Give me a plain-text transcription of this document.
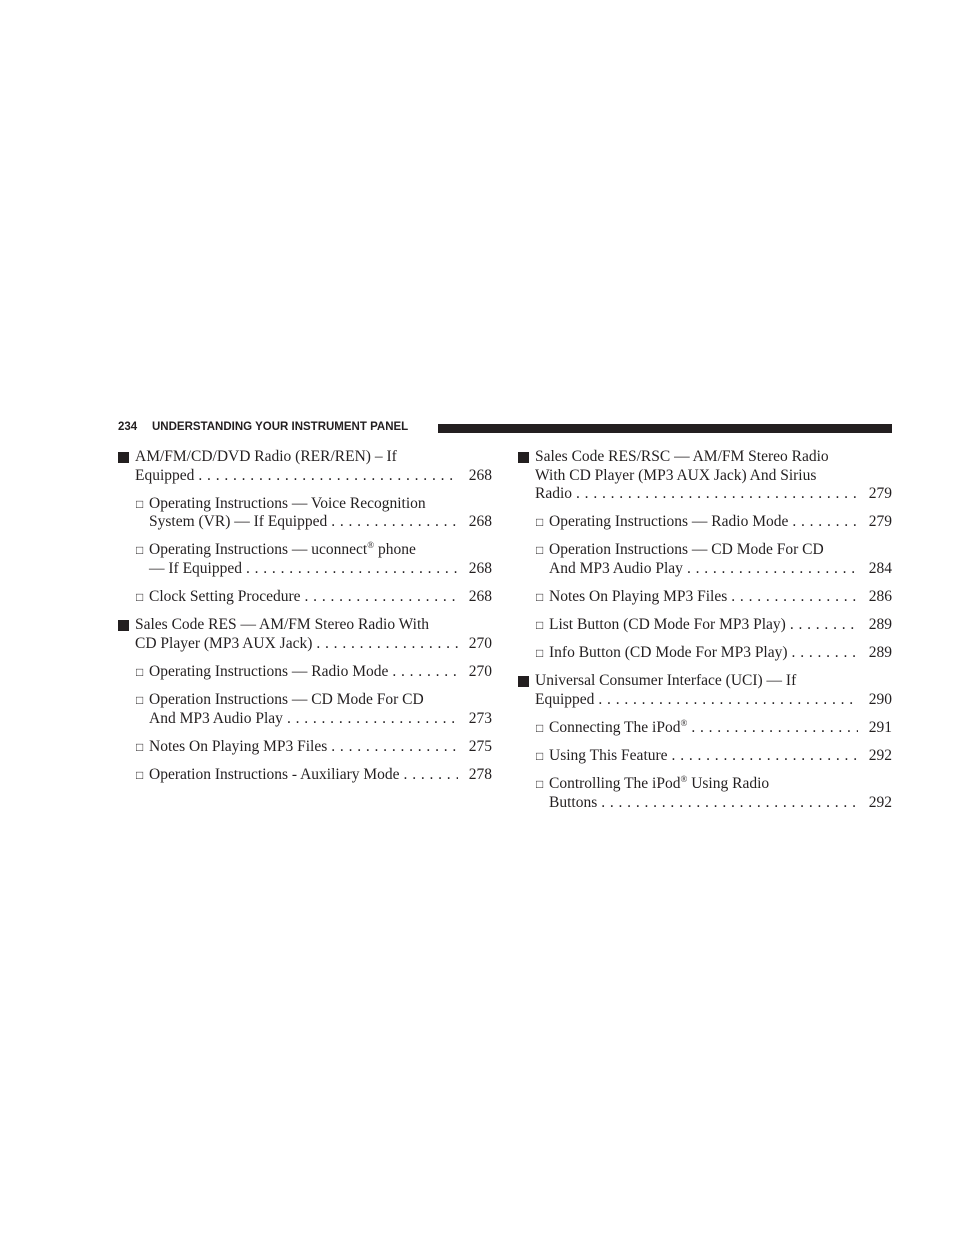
234 UNDERSTANDING YOUR INSTRUMENT PANEL
AM/FM/CD/DVD Radio (RER/REN) – If
Equipped . . .	268
□ Operating Instructions — Voice Recognition
System (VR) — If Equipped . . .	268
□ Operating Instructions — uconnect® phone
— If Equipped . . .	268
□ Clock Setting Procedure . . .	268
Sales Code RES — AM/FM Stereo Radio With
CD Player (MP3 AUX Jack) . . .	270
□ Operating Instructions — Radio Mode . . .	270
□ Operation Instructions — CD Mode For CD
And MP3 Audio Play . . .	273
□ Notes On Playing MP3 Files . . .	275
□ Operation Instructions - Auxiliary Mode . . .	278
Sales Code RES/RSC — AM/FM Stereo Radio
With CD Player (MP3 AUX Jack) And Sirius
Radio . . .	279
□ Operating Instructions — Radio Mode . . .	279
□ Operation Instructions — CD Mode For CD
And MP3 Audio Play . . .	284
□ Notes On Playing MP3 Files . . .	286
□ List Button (CD Mode For MP3 Play) . . .	289
□ Info Button (CD Mode For MP3 Play) . . .	289
Universal Consumer Interface (UCI) — If
Equipped . . .	290
□ Connecting The iPod® . . .	291
□ Using This Feature . . .	292
□ Controlling The iPod® Using Radio
Buttons . . .	292
